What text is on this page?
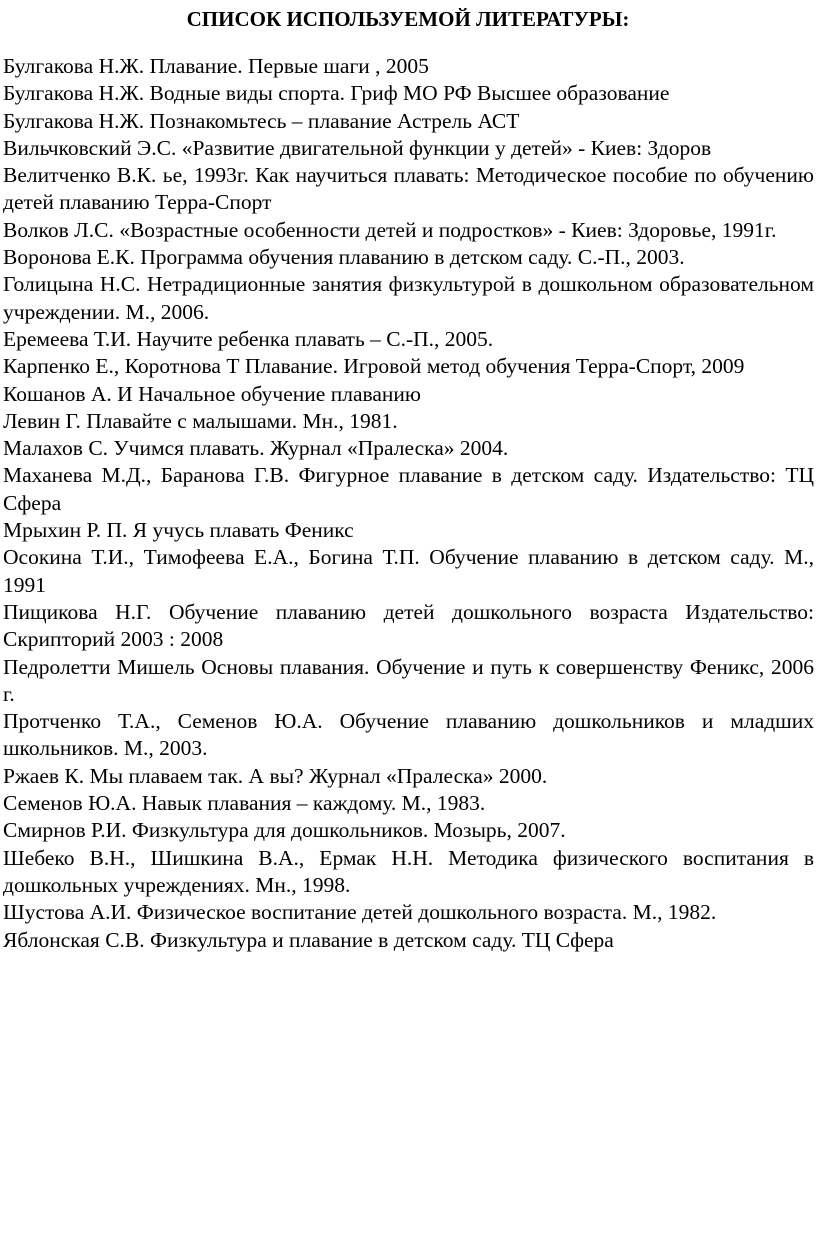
СПИСОК ИСПОЛЬЗУЕМОЙ ЛИТЕРАТУРЫ:

Булгакова Н.Ж. Плавание. Первые шаги , 2005

Булгакова Н.Ж. Водные виды спорта. Гриф МО РФ Высшее образование

Булгакова Н.Ж. Познакомьтесь – плавание Астрель АСТ

Вильчковский Э.С. «Развитие двигательной функции у детей» - Киев: Здоров

Велитченко В.К. ье, 1993г. Как научиться плавать: Методическое пособие по обучению детей плаванию Терра-Спорт

Волков Л.С. «Возрастные особенности детей и подростков» - Киев: Здоровье, 1991г.

Воронова Е.К. Программа обучения плаванию в детском саду. С.-П., 2003.

Голицына Н.С. Нетрадиционные занятия физкультурой в дошкольном образовательном учреждении. М., 2006.

Еремеева Т.И. Научите ребенка плавать – С.-П., 2005.

Карпенко Е., Коротнова Т Плавание. Игровой метод обучения Терра-Спорт, 2009

Кошанов А. И Начальное обучение плаванию

Левин Г. Плавайте с малышами. Мн., 1981.

Малахов С. Учимся плавать. Журнал «Пралеска» 2004.

Маханева М.Д., Баранова Г.В. Фигурное плавание в детском саду. Издательство: ТЦ Сфера

Мрыхин Р. П. Я учусь плавать Феникс

Осокина Т.И., Тимофеева Е.А., Богина Т.П. Обучение плаванию в детском саду. М., 1991

Пищикова Н.Г. Обучение плаванию детей дошкольного возраста Издательство: Скрипторий 2003 : 2008

Педролетти Мишель Основы плавания. Обучение и путь к совершенству Феникс, 2006 г.

Протченко Т.А., Семенов Ю.А. Обучение плаванию дошкольников и младших школьников. М., 2003.

Ржаев К. Мы плаваем так. А вы? Журнал «Пралеска» 2000.

Семенов Ю.А. Навык плавания – каждому. М., 1983.

Смирнов Р.И. Физкультура для дошкольников. Мозырь, 2007.

Шебеко В.Н., Шишкина В.А., Ермак Н.Н. Методика физического воспитания в дошкольных учреждениях. Мн., 1998.

Шустова А.И. Физическое воспитание детей дошкольного возраста. М., 1982.

Яблонская С.В. Физкультура и плавание в детском саду. ТЦ Сфера
